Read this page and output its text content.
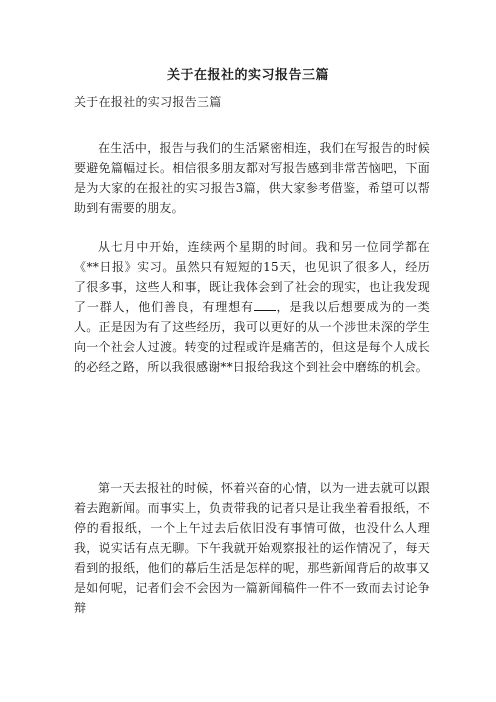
关于在报社的实习报告三篇
关于在报社的实习报告三篇

在生活中，报告与我们的生活紧密相连，我们在写报告的时候要避免篇幅过长。相信很多朋友都对写报告感到非常苦恼吧，下面是为大家的在报社的实习报告3篇，供大家参考借鉴，希望可以帮助到有需要的朋友。

从七月中开始，连续两个星期的时间。我和另一位同学都在《**日报》实习。虽然只有短短的15天，也见识了很多人，经历了很多事，这些人和事，既让我体会到了社会的现实，也让我发现了一群人，他们善良，有理想有 ，是我以后想要成为的一类人。正是因为有了这些经历，我可以更好的从一个涉世未深的学生向一个社会人过渡。转变的过程或许是痛苦的，但这是每个人成长的必经之路，所以我很感谢**日报给我这个到社会中磨练的机会。

第一天去报社的时候，怀着兴奋的心情，以为一进去就可以跟着去跑新闻。而事实上，负责带我的记者只是让我坐着看报纸，不停的看报纸，一个上午过去后依旧没有事情可做，也没什么人理我，说实话有点无聊。下午我就开始观察报社的运作情况了，每天看到的报纸，他们的幕后生活是怎样的呢，那些新闻背后的故事又是如何呢，记者们会不会因为一篇新闻稿件一件不一致而去讨论争辩
